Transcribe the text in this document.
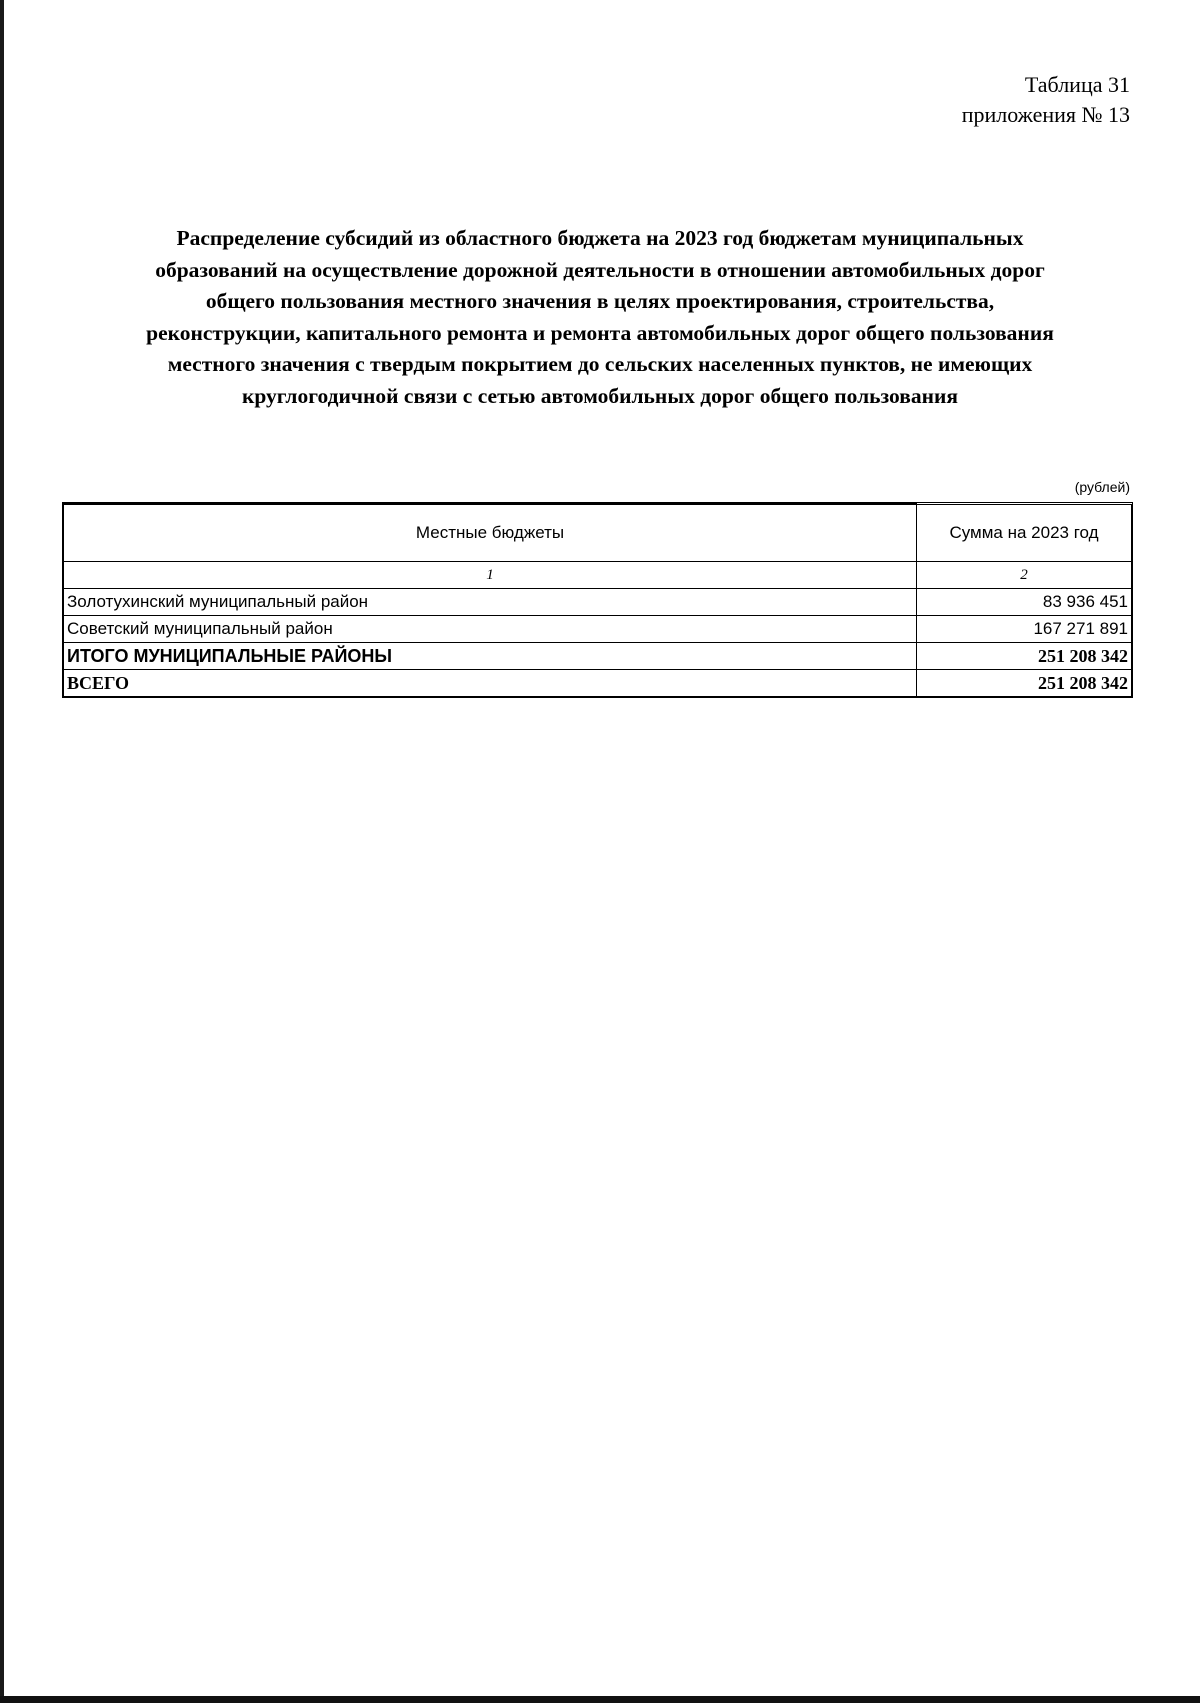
Таблица 31
приложения № 13
Распределение субсидий из областного бюджета на 2023 год бюджетам муниципальных
образований на осуществление дорожной деятельности в отношении автомобильных дорог
общего пользования местного значения в целях проектирования, строительства,
реконструкции, капитального ремонта и ремонта автомобильных дорог общего пользования
местного значения с твердым покрытием до сельских населенных пунктов, не имеющих
круглогодичной связи с сетью автомобильных дорог общего пользования
(рублей)
Местные бюджеты	Сумма на 2023 год
1	2
Золотухинский муниципальный район	83 936 451
Советский муниципальный район	167 271 891
ИТОГО МУНИЦИПАЛЬНЫЕ РАЙОНЫ	251 208 342
ВСЕГО	251 208 342
